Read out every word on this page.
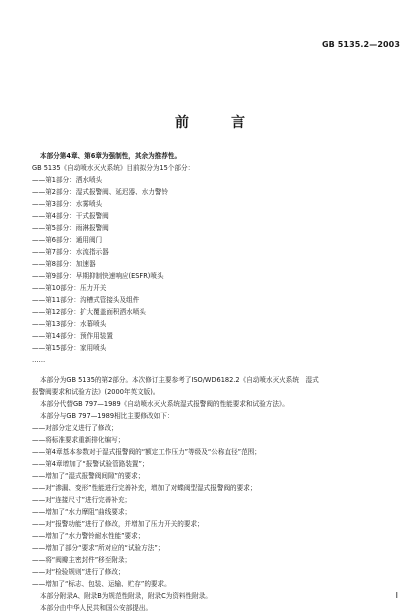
GB 5135.2—2003
前　言
本部分第4章、第6章为强制性，其余为推荐性。
GB 5135《自动喷水灭火系统》目前拟分为15个部分：
——第1部分：洒水喷头
——第2部分：湿式报警阀、延迟器、水力警铃
——第3部分：水雾喷头
——第4部分：干式报警阀
——第5部分：雨淋报警阀
——第6部分：通用阀门
——第7部分：水流指示器
——第8部分：加速器
——第9部分：早期抑制快速响应(ESFR)喷头
——第10部分：压力开关
——第11部分：沟槽式管接头及组件
——第12部分：扩大覆盖面积洒水喷头
——第13部分：水幕喷头
——第14部分：预作用装置
——第15部分：家用喷头
……
本部分为GB 5135的第2部分。本次修订主要参考了ISO/WD6182.2《自动喷水灭火系统　湿式
报警阀要求和试验方法》(2000年英文版)。
本部分代替GB 797—1989《自动喷水灭火系统湿式报警阀的性能要求和试验方法》。
本部分与GB 797—1989相比主要修改如下：
——对部分定义进行了修改；
——将标准要求重新排化编写；
——第4章基本参数对于湿式报警阀的“额定工作压力”等级及“公称直径”范围；
——第4章增加了“报警试验管路装置”；
——增加了“湿式报警阀间隙”的要求；
——对“渗漏、变形”性能进行完善补充，增加了对蝶阀型湿式报警阀的要求；
——对“连接尺寸”进行完善补充；
——增加了“水力摩阻”曲线要求；
——对“报警功能”进行了修改，并增加了压力开关的要求；
——增加了“水力警铃耐水性能”要求；
——增加了部分“要求”所对应的“试验方法”；
——将“阀瓣主密封件”移至附录；
——对“检验规则”进行了修改；
——增加了“标志、包装、运输、贮存”的要求。
本部分附录A、附录B为规范性附录，附录C为资料性附录。
本部分由中华人民共和国公安部提出。
I
